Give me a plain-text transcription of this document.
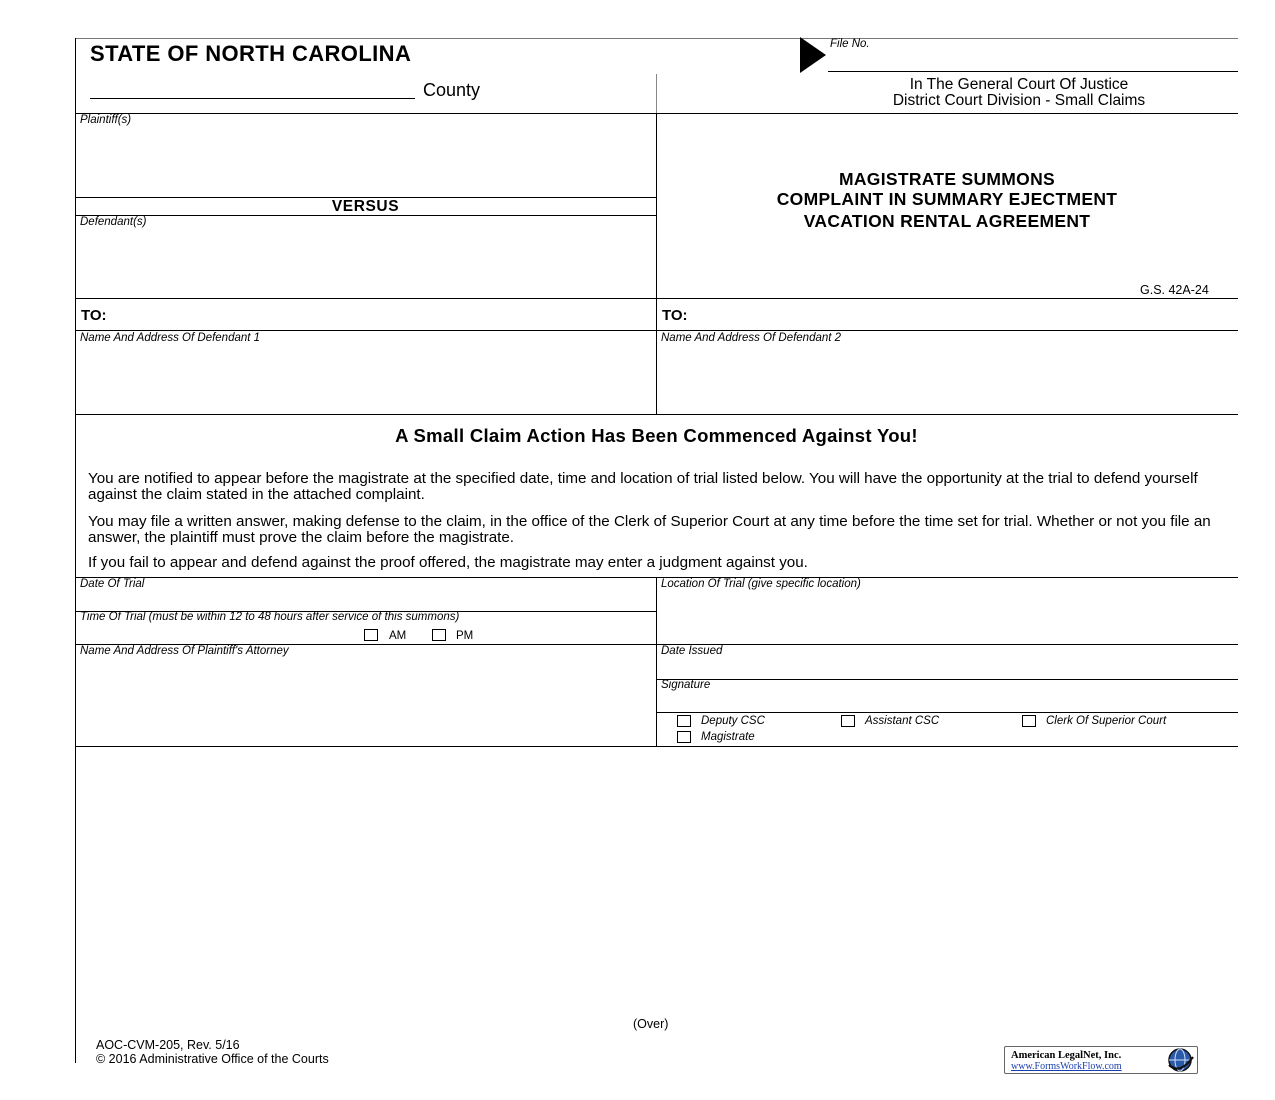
STATE OF NORTH CAROLINA
County
File No.
In The General Court Of Justice
District Court Division - Small Claims
Plaintiff(s)
VERSUS
Defendant(s)
MAGISTRATE SUMMONS
COMPLAINT IN SUMMARY EJECTMENT
VACATION RENTAL AGREEMENT
G.S. 42A-24
TO:	TO:
Name And Address Of Defendant 1	Name And Address Of Defendant 2
A Small Claim Action Has Been Commenced Against You!
You are notified to appear before the magistrate at the specified date, time and location of trial listed below. You will have the opportunity at the trial to defend yourself against the claim stated in the attached complaint.
You may file a written answer, making defense to the claim, in the office of the Clerk of Superior Court at any time before the time set for trial. Whether or not you file an answer, the plaintiff must prove the claim before the magistrate.
If you fail to appear and defend against the proof offered, the magistrate may enter a judgment against you.
Date Of Trial
Time Of Trial (must be within 12 to 48 hours after service of this summons)
AM	PM
Location Of Trial (give specific location)
Name And Address Of Plaintiff's Attorney	Date Issued
Signature
Deputy CSC	Assistant CSC	Clerk Of Superior Court
Magistrate
(Over)
AOC-CVM-205, Rev. 5/16
© 2016 Administrative Office of the Courts	American LegalNet, Inc.
www.FormsWorkFlow.com
